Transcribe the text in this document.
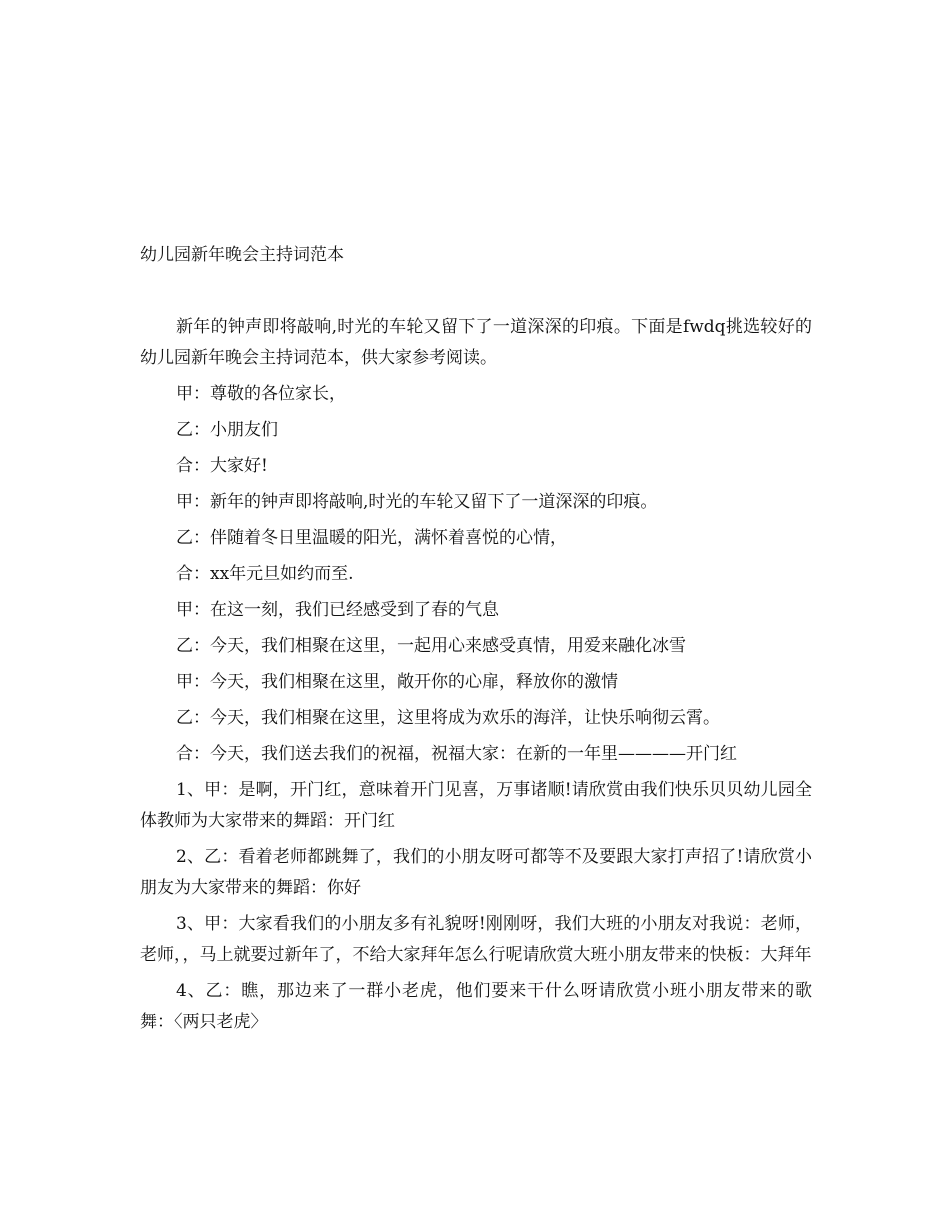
幼儿园新年晚会主持词范本

新年的钟声即将敲响,时光的车轮又留下了一道深深的印痕。下面是fwdq挑选较好的幼儿园新年晚会主持词范本，供大家参考阅读。

甲：尊敬的各位家长，

乙：小朋友们

合：大家好!

甲：新年的钟声即将敲响,时光的车轮又留下了一道深深的印痕。

乙：伴随着冬日里温暖的阳光，满怀着喜悦的心情，

合：xx年元旦如约而至.

甲：在这一刻，我们已经感受到了春的气息

乙：今天，我们相聚在这里，一起用心来感受真情，用爱来融化冰雪

甲：今天，我们相聚在这里，敞开你的心扉，释放你的激情

乙：今天，我们相聚在这里，这里将成为欢乐的海洋，让快乐响彻云霄。

合：今天，我们送去我们的祝福，祝福大家：在新的一年里————开门红

1、甲：是啊，开门红，意味着开门见喜，万事诸顺!请欣赏由我们快乐贝贝幼儿园全体教师为大家带来的舞蹈：开门红

2、乙：看着老师都跳舞了，我们的小朋友呀可都等不及要跟大家打声招了!请欣赏小朋友为大家带来的舞蹈：你好

3、甲：大家看我们的小朋友多有礼貌呀!刚刚呀，我们大班的小朋友对我说：老师，老师，，马上就要过新年了，不给大家拜年怎么行呢请欣赏大班小朋友带来的快板：大拜年

4、乙：瞧，那边来了一群小老虎，他们要来干什么呀请欣赏小班小朋友带来的歌舞：〈两只老虎〉
